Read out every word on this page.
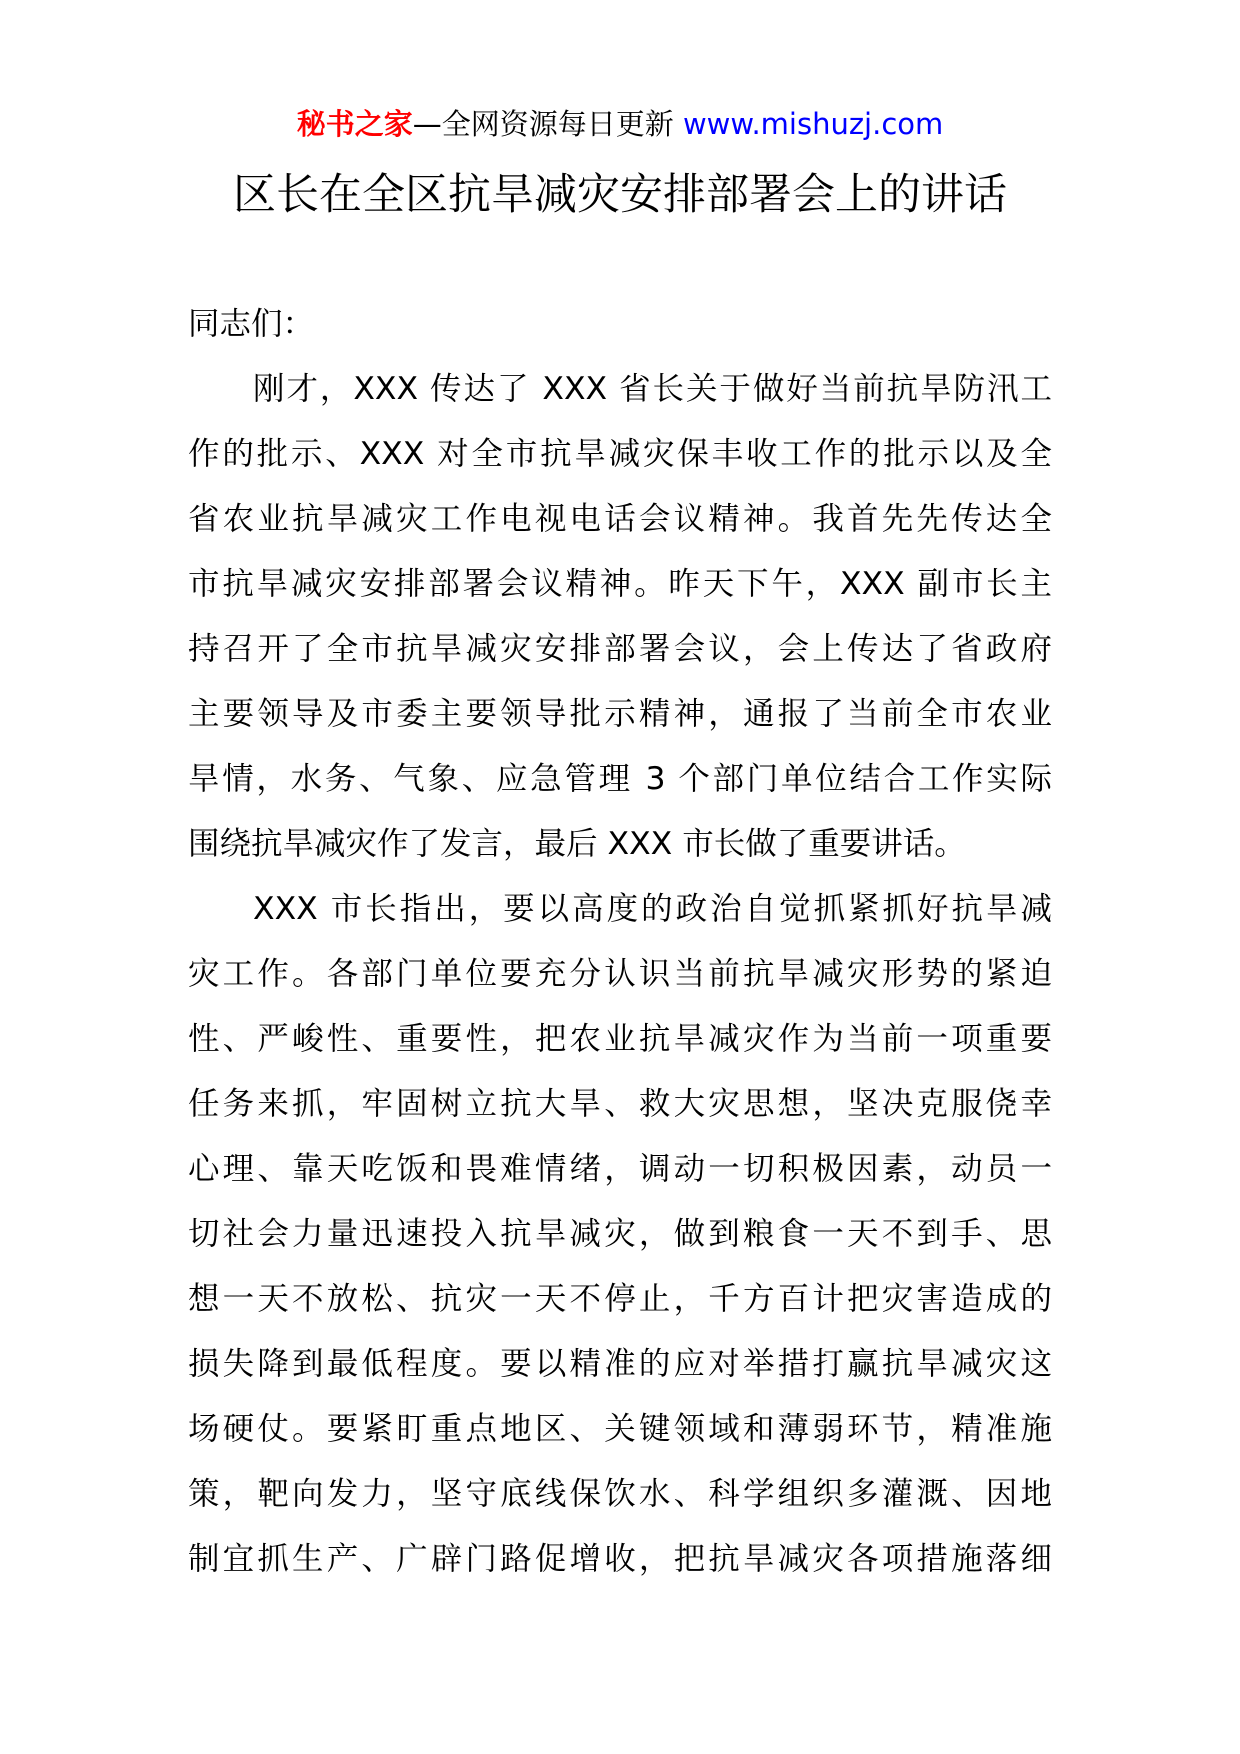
秘书之家—全网资源每日更新 www.mishuzj.com
区长在全区抗旱减灾安排部署会上的讲话
同志们：
刚才，XXX 传达了 XXX 省长关于做好当前抗旱防汛工
作的批示、XXX 对全市抗旱减灾保丰收工作的批示以及全
省农业抗旱减灾工作电视电话会议精神。我首先先传达全
市抗旱减灾安排部署会议精神。昨天下午，XXX 副市长主
持召开了全市抗旱减灾安排部署会议，会上传达了省政府
主要领导及市委主要领导批示精神，通报了当前全市农业
旱情，水务、气象、应急管理 3 个部门单位结合工作实际
围绕抗旱减灾作了发言，最后 XXX 市长做了重要讲话。
XXX 市长指出，要以高度的政治自觉抓紧抓好抗旱减
灾工作。各部门单位要充分认识当前抗旱减灾形势的紧迫
性、严峻性、重要性，把农业抗旱减灾作为当前一项重要
任务来抓，牢固树立抗大旱、救大灾思想，坚决克服侥幸
心理、靠天吃饭和畏难情绪，调动一切积极因素，动员一
切社会力量迅速投入抗旱减灾，做到粮食一天不到手、思
想一天不放松、抗灾一天不停止，千方百计把灾害造成的
损失降到最低程度。要以精准的应对举措打赢抗旱减灾这
场硬仗。要紧盯重点地区、关键领域和薄弱环节，精准施
策，靶向发力，坚守底线保饮水、科学组织多灌溉、因地
制宜抓生产、广辟门路促增收，把抗旱减灾各项措施落细
